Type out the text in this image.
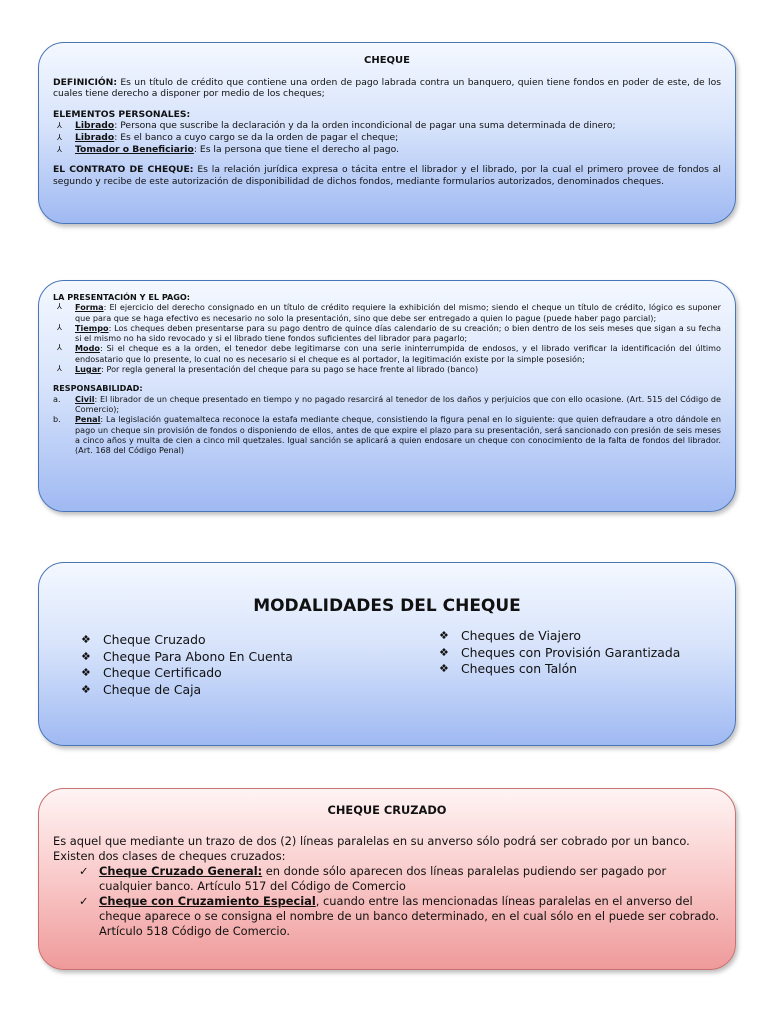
CHEQUE

DEFINICIÓN: Es un título de crédito que contiene una orden de pago labrada contra un banquero, quien tiene fondos en poder de este, de los cuales tiene derecho a disponer por medio de los cheques;

ELEMENTOS PERSONALES:
⅄ Librado: Persona que suscribe la declaración y da la orden incondicional de pagar una suma determinada de dinero;
⅄ Librado: Es el banco a cuyo cargo se da la orden de pagar el cheque;
⅄ Tomador o Beneficiario: Es la persona que tiene el derecho al pago.

EL CONTRATO DE CHEQUE: Es la relación jurídica expresa o tácita entre el librador y el librado, por la cual el primero provee de fondos al segundo y recibe de este autorización de disponibilidad de dichos fondos, mediante formularios autorizados, denominados cheques.

LA PRESENTACIÓN Y EL PAGO:
⅄ Forma: El ejercicio del derecho consignado en un título de crédito requiere la exhibición del mismo; siendo el cheque un título de crédito, lógico es suponer que para que se haga efectivo es necesario no solo la presentación, sino que debe ser entregado a quien lo pague (puede haber pago parcial);
⅄ Tiempo: Los cheques deben presentarse para su pago dentro de quince días calendario de su creación; o bien dentro de los seis meses que sigan a su fecha si el mismo no ha sido revocado y si el librado tiene fondos suficientes del librador para pagarlo;
⅄ Modo: Si el cheque es a la orden, el tenedor debe legitimarse con una serie ininterrumpida de endosos, y el librado verificar la identificación del último endosatario que lo presente, lo cual no es necesario si el cheque es al portador, la legitimación existe por la simple posesión;
⅄ Lugar: Por regla general la presentación del cheque para su pago se hace frente al librado (banco)
RESPONSABILIDAD:
a. Civil: El librador de un cheque presentado en tiempo y no pagado resarcirá al tenedor de los daños y perjuicios que con ello ocasione. (Art. 515 del Código de Comercio);
b. Penal: La legislación guatemalteca reconoce la estafa mediante cheque, consistiendo la figura penal en lo siguiente: que quien defraudare a otro dándole en pago un cheque sin provisión de fondos o disponiendo de ellos, antes de que expire el plazo para su presentación, será sancionado con presión de seis meses a cinco años y multa de cien a cinco mil quetzales. Igual sanción se aplicará a quien endosare un cheque con conocimiento de la falta de fondos del librador. (Art. 168 del Código Penal)
MODALIDADES DEL CHEQUE
❖ Cheque Cruzado
❖ Cheque Para Abono En Cuenta
❖ Cheque Certificado
❖ Cheque de Caja
❖ Cheques de Viajero
❖ Cheques con Provisión Garantizada
❖ Cheques con Talón
CHEQUE CRUZADO

Es aquel que mediante un trazo de dos (2) líneas paralelas en su anverso sólo podrá ser cobrado por un banco. Existen dos clases de cheques cruzados:

✓ Cheque Cruzado General: en donde sólo aparecen dos líneas paralelas pudiendo ser pagado por cualquier banco. Artículo 517 del Código de Comercio
✓ Cheque con Cruzamiento Especial, cuando entre las mencionadas líneas paralelas en el anverso del cheque aparece o se consigna el nombre de un banco determinado, en el cual sólo en el puede ser cobrado. Artículo 518 Código de Comercio.
